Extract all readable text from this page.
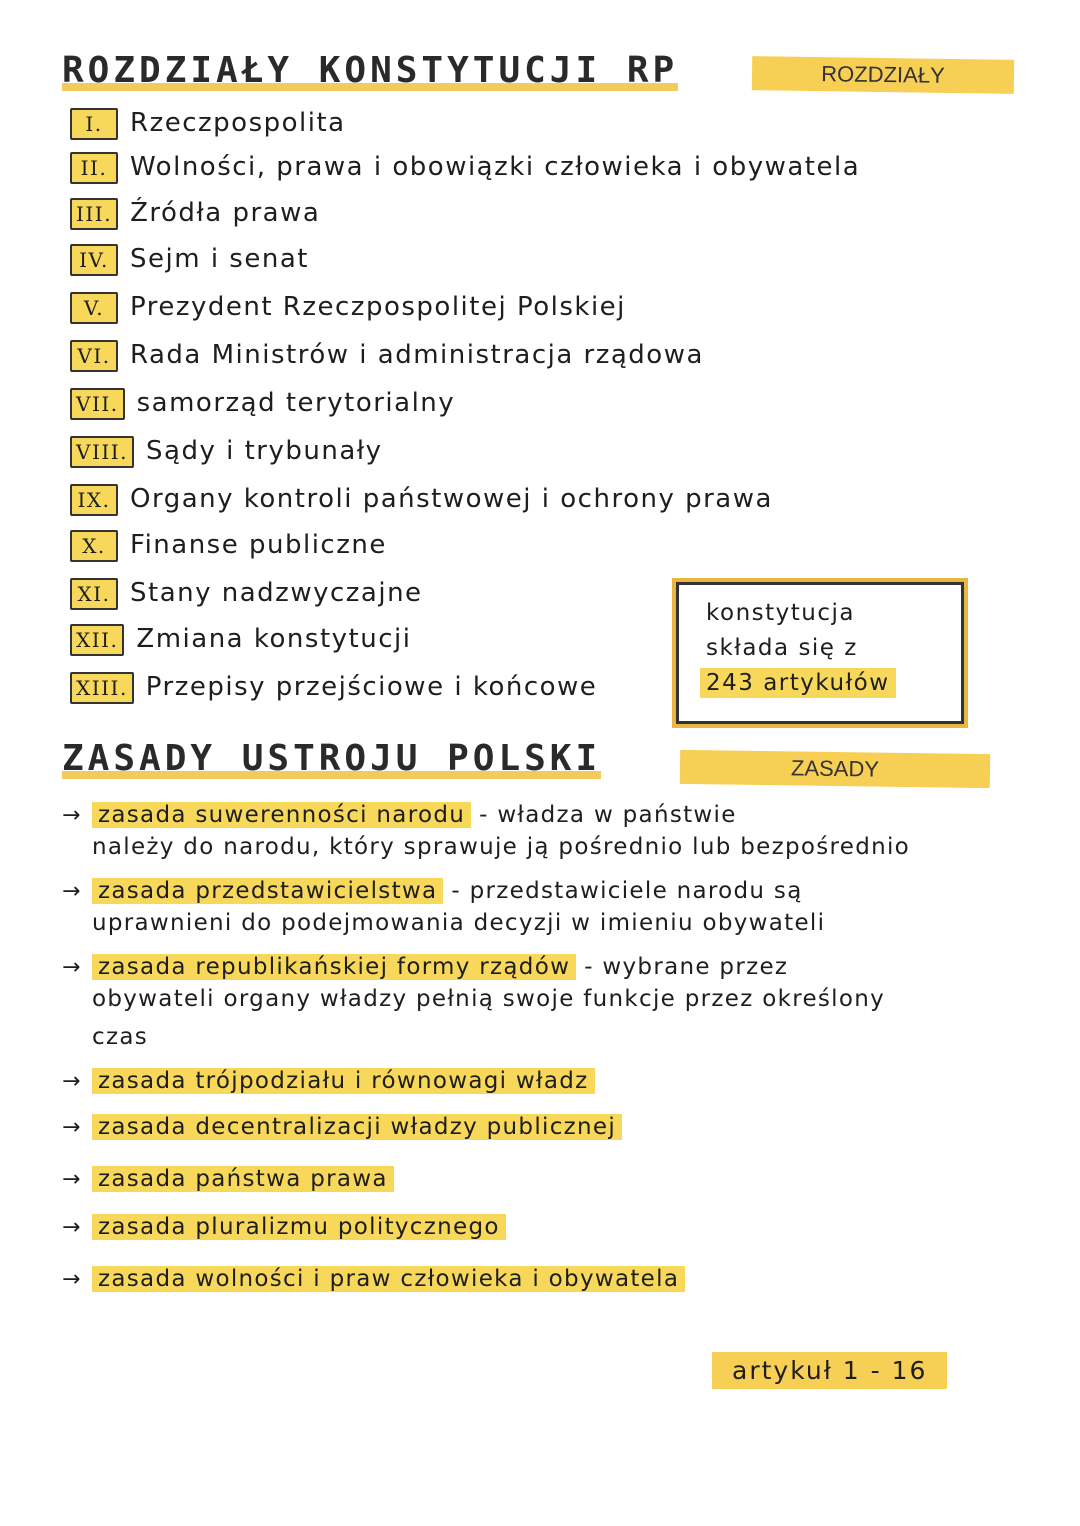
ROZDZIAŁY KONSTYTUCJI RP	ROZDZIAŁY
I. Rzeczpospolita
II. Wolności, prawa i obowiązki człowieka i obywatela
III. Źródła prawa
IV. Sejm i senat
V. Prezydent Rzeczpospolitej Polskiej
VI. Rada Ministrów i administracja rządowa
VII. samorząd terytorialny
VIII. Sądy i trybunały
IX. Organy kontroli państwowej i ochrony prawa
X. Finanse publiczne
XI. Stany nadzwyczajne
XII. Zmiana konstytucji
XIII. Przepisy przejściowe i końcowe
konstytucja
składa się z
243 artykułów
ZASADY USTROJU POLSKI	ZASADY
→ zasada suwerenności narodu - władza w państwie
należy do narodu, który sprawuje ją pośrednio lub bezpośrednio
→ zasada przedstawicielstwa - przedstawiciele narodu są
uprawnieni do podejmowania decyzji w imieniu obywateli
→ zasada republikańskiej formy rządów - wybrane przez
obywateli organy władzy pełnią swoje funkcje przez określony
czas
→ zasada trójpodziału i równowagi władz
→ zasada decentralizacji władzy publicznej
→ zasada państwa prawa
→ zasada pluralizmu politycznego
→ zasada wolności i praw człowieka i obywatela
artykuł 1 - 16
